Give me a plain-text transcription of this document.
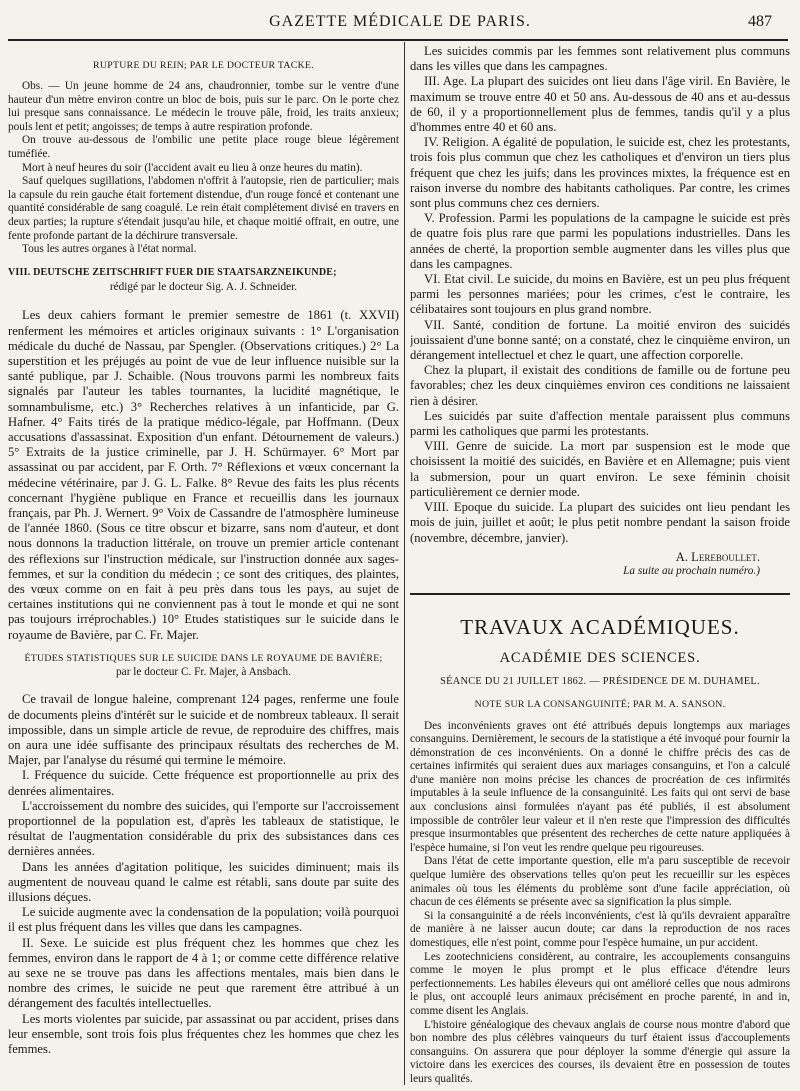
GAZETTE MÉDICALE DE PARIS.	487

RUPTURE DU REIN; PAR LE DOCTEUR TACKE.

Obs. — Un jeune homme de 24 ans, chaudronnier, tombe sur le ventre d'une hauteur d'un mètre environ contre un bloc de bois, puis sur le parc. On le porte chez lui presque sans connaissance. Le médecin le trouve pâle, froid, les traits anxieux; pouls lent et petit; angoisses; de temps à autre respiration profonde.

On trouve au-dessous de l'ombilic une petite place rouge bleue légèrement tuméfiée.

Mort à neuf heures du soir (l'accident avait eu lieu à onze heures du matin).

Sauf quelques sugillations, l'abdomen n'offrit à l'autopsie, rien de particulier; mais la capsule du rein gauche était fortement distendue, d'un rouge foncé et contenant une quantité considérable de sang coagulé. Le rein était complétement divisé en travers en deux parties; la rupture s'étendait jusqu'au hile, et chaque moitié offrait, en outre, une fente profonde partant de la déchirure transversale.

Tous les autres organes à l'état normal.

VIII. DEUTSCHE ZEITSCHRIFT FUER DIE STAATSARZNEIKUNDE;

rédigé par le docteur Sig. A. J. Schneider.

Les deux cahiers formant le premier semestre de 1861 (t. XXVII) renferment les mémoires et articles originaux suivants : 1° L'organisation médicale du duché de Nassau, par Spengler. (Observations critiques.) 2° La superstition et les préjugés au point de vue de leur influence nuisible sur la santé publique, par J. Schaible. (Nous trouvons parmi les nombreux faits signalés par l'auteur les tables tournantes, la lucidité magnétique, le somnambulisme, etc.) 3° Recherches relatives à un infanticide, par G. Hafner. 4° Faits tirés de la pratique médico-légale, par Hoffmann. (Deux accusations d'assassinat. Exposition d'un enfant. Détournement de valeurs.) 5° Extraits de la justice criminelle, par J. H. Schürmayer. 6° Mort par assassinat ou par accident, par F. Orth. 7° Réflexions et vœux concernant la médecine vétérinaire, par J. G. L. Falke. 8° Revue des faits les plus récents concernant l'hygiène publique en France et recueillis dans les journaux français, par Ph. J. Wernert. 9° Voix de Cassandre de l'atmosphère lumineuse de l'année 1860. (Sous ce titre obscur et bizarre, sans nom d'auteur, et dont nous donnons la traduction littérale, on trouve un premier article contenant des réflexions sur l'instruction médicale, sur l'instruction donnée aux sages-femmes, et sur la condition du médecin ; ce sont des critiques, des plaintes, des vœux comme on en fait à peu près dans tous les pays, au sujet de certaines institutions qui ne conviennent pas à tout le monde et qui ne sont pas toujours irréprochables.) 10° Etudes statistiques sur le suicide dans le royaume de Bavière, par C. Fr. Majer.

ÉTUDES STATISTIQUES SUR LE SUICIDE DANS LE ROYAUME DE BAVIÈRE;

par le docteur C. Fr. Majer, à Ansbach.

Ce travail de longue haleine, comprenant 124 pages, renferme une foule de documents pleins d'intérêt sur le suicide et de nombreux tableaux. Il serait impossible, dans un simple article de revue, de reproduire des chiffres, mais on aura une idée suffisante des principaux résultats des recherches de M. Majer, par l'analyse du résumé qui termine le mémoire.

I. Fréquence du suicide. Cette fréquence est proportionnelle au prix des denrées alimentaires.

L'accroissement du nombre des suicides, qui l'emporte sur l'accroissement proportionnel de la population est, d'après les tableaux de statistique, le résultat de l'augmentation considérable du prix des subsistances dans ces dernières années.

Dans les années d'agitation politique, les suicides diminuent; mais ils augmentent de nouveau quand le calme est rétabli, sans doute par suite des illusions déçues.

Le suicide augmente avec la condensation de la population; voilà pourquoi il est plus fréquent dans les villes que dans les campagnes.

II. Sexe. Le suicide est plus fréquent chez les hommes que chez les femmes, environ dans le rapport de 4 à 1; or comme cette différence relative au sexe ne se trouve pas dans les affections mentales, mais bien dans le nombre des crimes, le suicide ne peut que rarement être attribué à un dérangement des facultés intellectuelles.

Les morts violentes par suicide, par assassinat ou par accident, prises dans leur ensemble, sont trois fois plus fréquentes chez les hommes que chez les femmes.

Les suicides commis par les femmes sont relativement plus communs dans les villes que dans les campagnes.

III. Age. La plupart des suicides ont lieu dans l'âge viril. En Bavière, le maximum se trouve entre 40 et 50 ans. Au-dessous de 40 ans et au-dessus de 60, il y a proportionnellement plus de femmes, tandis qu'il y a plus d'hommes entre 40 et 60 ans.

IV. Religion. A égalité de population, le suicide est, chez les protestants, trois fois plus commun que chez les catholiques et d'environ un tiers plus fréquent que chez les juifs; dans les provinces mixtes, la fréquence est en raison inverse du nombre des habitants catholiques. Par contre, les crimes sont plus communs chez ces derniers.

V. Profession. Parmi les populations de la campagne le suicide est près de quatre fois plus rare que parmi les populations industrielles. Dans les années de cherté, la proportion semble augmenter dans les villes plus que dans les campagnes.

VI. Etat civil. Le suicide, du moins en Bavière, est un peu plus fréquent parmi les personnes mariées; pour les crimes, c'est le contraire, les célibataires sont toujours en plus grand nombre.

VII. Santé, condition de fortune. La moitié environ des suicidés jouissaient d'une bonne santé; on a constaté, chez le cinquième environ, un dérangement intellectuel et chez le quart, une affection corporelle.

Chez la plupart, il existait des conditions de famille ou de fortune peu favorables; chez les deux cinquièmes environ ces conditions ne laissaient rien à désirer.

Les suicidés par suite d'affection mentale paraissent plus communs parmi les catholiques que parmi les protestants.

VIII. Genre de suicide. La mort par suspension est le mode que choisissent la moitié des suicidés, en Bavière et en Allemagne; puis vient la submersion, pour un quart environ. Le sexe féminin choisit particulièrement ce dernier mode.

VIII. Epoque du suicide. La plupart des suicides ont lieu pendant les mois de juin, juillet et août; le plus petit nombre pendant la saison froide (novembre, décembre, janvier).

A. Lereboullet.

La suite au prochain numéro.)

TRAVAUX ACADÉMIQUES.

ACADÉMIE DES SCIENCES.

SÉANCE DU 21 JUILLET 1862. — PRÉSIDENCE DE M. DUHAMEL.

NOTE SUR LA CONSANGUINITÉ; PAR M. A. SANSON.

Des inconvénients graves ont été attribués depuis longtemps aux mariages consanguins. Dernièrement, le secours de la statistique a été invoqué pour fournir la démonstration de ces inconvénients. On a donné le chiffre précis des cas de certaines infirmités qui seraient dues aux mariages consanguins, et l'on a calculé d'une manière non moins précise les chances de procréation de ces infirmités imputables à la seule influence de la consanguinité. Les faits qui ont servi de base aux conclusions ainsi formulées n'ayant pas été publiés, il est absolument impossible de contrôler leur valeur et il n'en reste que l'impression des difficultés presque insurmontables que présentent des recherches de cette nature appliquées à l'espèce humaine, si l'on veut les rendre quelque peu rigoureuses.

Dans l'état de cette importante question, elle m'a paru susceptible de recevoir quelque lumière des observations telles qu'on peut les recueillir sur les espèces animales où tous les éléments du problème sont d'une facile appréciation, où chacun de ces éléments se présente avec sa signification la plus simple.

Si la consanguinité a de réels inconvénients, c'est là qu'ils devraient apparaître de manière à ne laisser aucun doute; car dans la reproduction de nos races domestiques, elle n'est point, comme pour l'espèce humaine, un pur accident.

Les zootechniciens considèrent, au contraire, les accouplements consanguins comme le moyen le plus prompt et le plus efficace d'étendre leurs perfectionnements. Les habiles éleveurs qui ont amélioré celles que nous admirons le plus, ont accouplé leurs animaux précisément en proche parenté, in and in, comme disent les Anglais.

L'histoire généalogique des chevaux anglais de course nous montre d'abord que bon nombre des plus célèbres vainqueurs du turf étaient issus d'accouplements consanguins. On assurera que pour déployer la somme d'énergie qui assure la victoire dans les exercices des courses, ils devaient être en possession de toutes leurs qualités.
